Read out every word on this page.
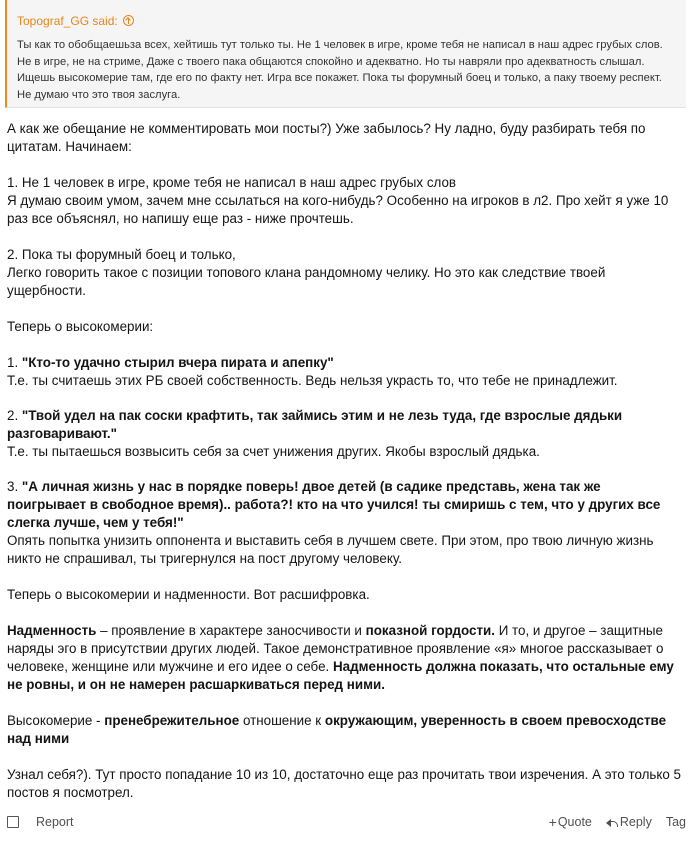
Topograf_GG said:
Ты как то обобщаешьза всех, хейтишь тут только ты. Не 1 человек в игре, кроме тебя не написал в наш адрес грубых слов. Не в игре, не на стриме, Даже с твоего пака общаются спокойно и адекватно. Но ты навряли про адекватность слышал. Ищешь высокомерие там, где его по факту нет. Игра все покажет. Пока ты форумный боец и только, а паку твоему респект. Не думаю что это твоя заслуга.

А как же обещание не комментировать мои посты?) Уже забылось? Ну ладно, буду разбирать тебя по цитатам. Начинаем:

1. Не 1 человек в игре, кроме тебя не написал в наш адрес грубых слов

Я думаю своим умом, зачем мне ссылаться на кого-нибудь? Особенно на игроков в л2. Про хейт я уже 10 раз все объяснял, но напишу еще раз - ниже прочтешь.

2. Пока ты форумный боец и только,

Легко говорить такое с позиции топового клана рандомному челику. Но это как следствие твоей ущербности.

Теперь о высокомерии:

1. "Кто-то удачно стырил вчера пирата и апепку"

Т.е. ты считаешь этих РБ своей собственность. Ведь нельзя украсть то, что тебе не принадлежит.

2. "Твой удел на пак соски крафтить, так займись этим и не лезь туда, где взрослые дядьки разговаривают."

Т.е. ты пытаешься возвысить себя за счет унижения других. Якобы взрослый дядька.

3. "А личная жизнь у нас в порядке поверь! двое детей (в садике представь, жена так же поигрывает в свободное время).. работа?! кто на что учился! ты смиришь с тем, что у других все слегка лучше, чем у тебя!"

Опять попытка унизить оппонента и выставить себя в лучшем свете. При этом, про твою личную жизнь никто не спрашивал, ты тригернулся на пост другому человеку.

Теперь о высокомерии и надменности. Вот расшифровка.

Надменность – проявление в характере заносчивости и показной гордости. И то, и другое – защитные наряды эго в присутствии других людей. Такое демонстративное проявление «я» многое рассказывает о человеке, женщине или мужчине и его идее о себе. Надменность должна показать, что остальные ему не ровны, и он не намерен расшаркиваться перед ними.

Высокомерие - пренебрежительное отношение к окружающим, уверенность в своем превосходстве над ними

Узнал себя?). Тут просто попадание 10 из 10, достаточно еще раз прочитать твои изречения. А это только 5 постов я посмотрел.

Report	+ Quote Reply Tag
